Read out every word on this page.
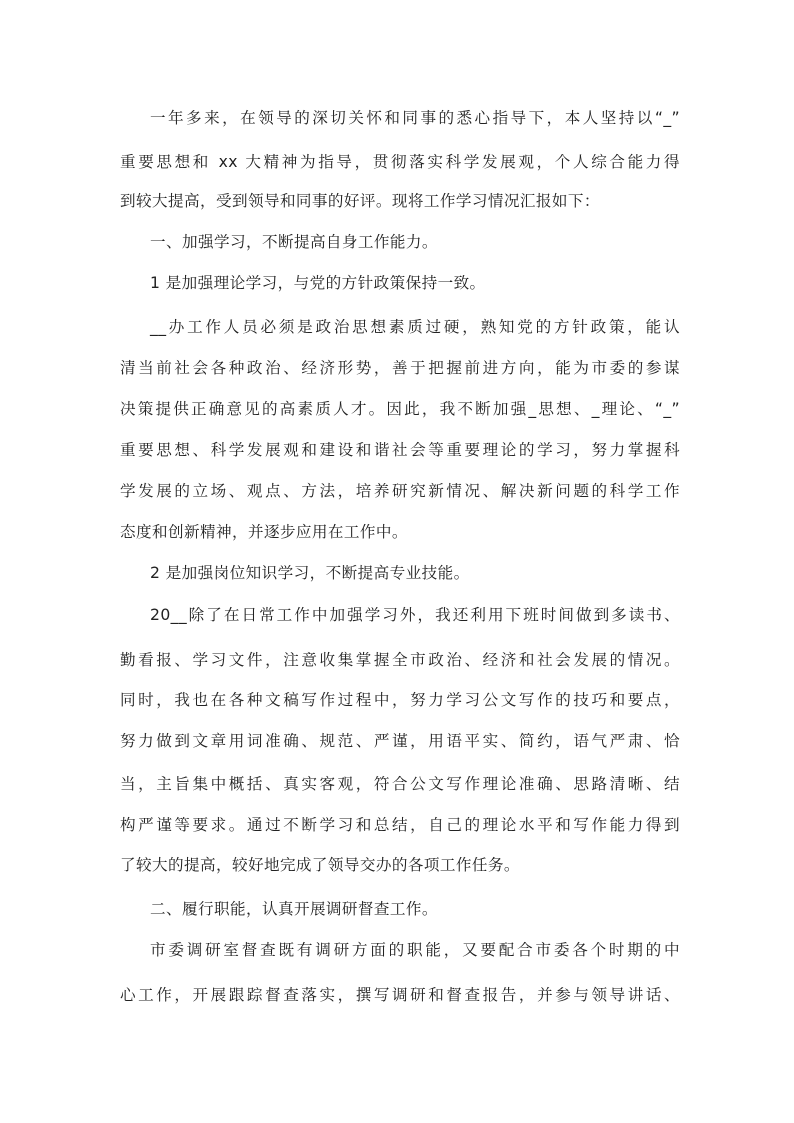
一年多来，在领导的深切关怀和同事的悉心指导下，本人坚持以“_”
重要思想和 xx 大精神为指导，贯彻落实科学发展观，个人综合能力得
到较大提高，受到领导和同事的好评。现将工作学习情况汇报如下：
一、加强学习，不断提高自身工作能力。
1 是加强理论学习，与党的方针政策保持一致。
__办工作人员必须是政治思想素质过硬，熟知党的方针政策，能认
清当前社会各种政治、经济形势，善于把握前进方向，能为市委的参谋
决策提供正确意见的高素质人才。因此，我不断加强_思想、_理论、“_”
重要思想、科学发展观和建设和谐社会等重要理论的学习，努力掌握科
学发展的立场、观点、方法，培养研究新情况、解决新问题的科学工作
态度和创新精神，并逐步应用在工作中。
2 是加强岗位知识学习，不断提高专业技能。
20__除了在日常工作中加强学习外，我还利用下班时间做到多读书、
勤看报、学习文件，注意收集掌握全市政治、经济和社会发展的情况。
同时，我也在各种文稿写作过程中，努力学习公文写作的技巧和要点，
努力做到文章用词准确、规范、严谨，用语平实、简约，语气严肃、恰
当，主旨集中概括、真实客观，符合公文写作理论准确、思路清晰、结
构严谨等要求。通过不断学习和总结，自己的理论水平和写作能力得到
了较大的提高，较好地完成了领导交办的各项工作任务。
二、履行职能，认真开展调研督查工作。
市委调研室督查既有调研方面的职能，又要配合市委各个时期的中
心工作，开展跟踪督查落实，撰写调研和督查报告，并参与领导讲话、
